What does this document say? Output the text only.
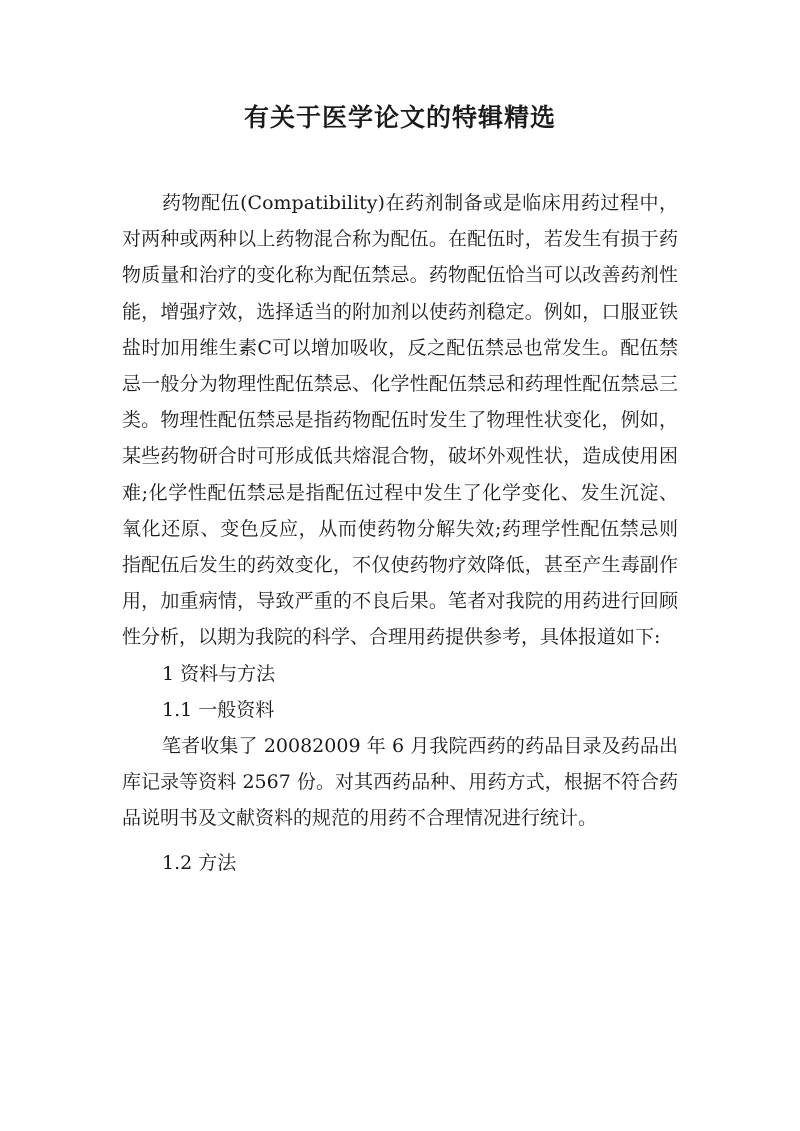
有关于医学论文的特辑精选

药物配伍(Compatibility)在药剂制备或是临床用药过程中，对两种或两种以上药物混合称为配伍。在配伍时，若发生有损于药物质量和治疗的变化称为配伍禁忌。药物配伍恰当可以改善药剂性能，增强疗效，选择适当的附加剂以使药剂稳定。例如，口服亚铁盐时加用维生素C可以增加吸收，反之配伍禁忌也常发生。配伍禁忌一般分为物理性配伍禁忌、化学性配伍禁忌和药理性配伍禁忌三类。物理性配伍禁忌是指药物配伍时发生了物理性状变化，例如，某些药物研合时可形成低共熔混合物，破坏外观性状，造成使用困难;化学性配伍禁忌是指配伍过程中发生了化学变化、发生沉淀、氧化还原、变色反应，从而使药物分解失效;药理学性配伍禁忌则指配伍后发生的药效变化，不仅使药物疗效降低，甚至产生毒副作用，加重病情，导致严重的不良后果。笔者对我院的用药进行回顾性分析，以期为我院的科学、合理用药提供参考，具体报道如下:

1 资料与方法

1.1 一般资料

笔者收集了 20082009 年 6 月我院西药的药品目录及药品出库记录等资料 2567 份。对其西药品种、用药方式，根据不符合药品说明书及文献资料的规范的用药不合理情况进行统计。

1.2 方法
